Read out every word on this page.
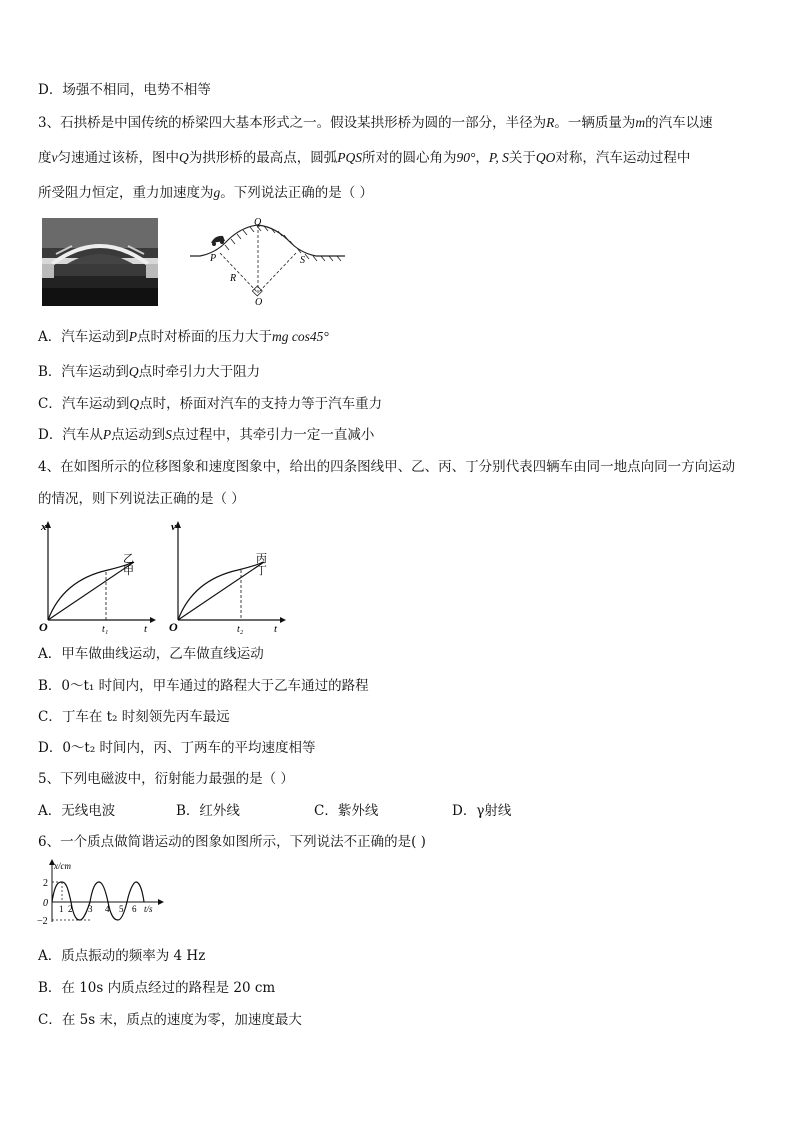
D．场强不相同，电势不相等
3、石拱桥是中国传统的桥梁四大基本形式之一。假设某拱形桥为圆的一部分，半径为R。一辆质量为m的汽车以速
度v匀速通过该桥，图中Q为拱形桥的最高点，圆弧PQS所对的圆心角为90°，P, S关于QO对称，汽车运动过程中
所受阻力恒定，重力加速度为g。下列说法正确的是（ ）
Q
P	S
R
O
A．汽车运动到P点时对桥面的压力大于mg cos45°
B．汽车运动到Q点时牵引力大于阻力
C．汽车运动到Q点时，桥面对汽车的支持力等于汽车重力
D．汽车从P点运动到S点过程中，其牵引力一定一直减小
4、在如图所示的位移图象和速度图象中，给出的四条图线甲、乙、丙、丁分别代表四辆车由同一地点向同一方向运动
的情况，则下列说法正确的是（ ）
x
O	t
t₁
乙
甲
v
O	t
t₂
丙
丁
A．甲车做曲线运动，乙车做直线运动
B．0～t₁ 时间内，甲车通过的路程大于乙车通过的路程
C．丁车在 t₂ 时刻领先丙车最远
D．0～t₂ 时间内，丙、丁两车的平均速度相等
5、下列电磁波中，衍射能力最强的是（ ）
A．无线电波	B．红外线	C．紫外线	D．γ射线
6、一个质点做简谐运动的图象如图所示，下列说法不正确的是( )
x/cm
2
0
−2
1 2 3 4 5 6 t/s
A．质点振动的频率为 4 Hz
B．在 10s 内质点经过的路程是 20 cm
C．在 5s 末，质点的速度为零，加速度最大
